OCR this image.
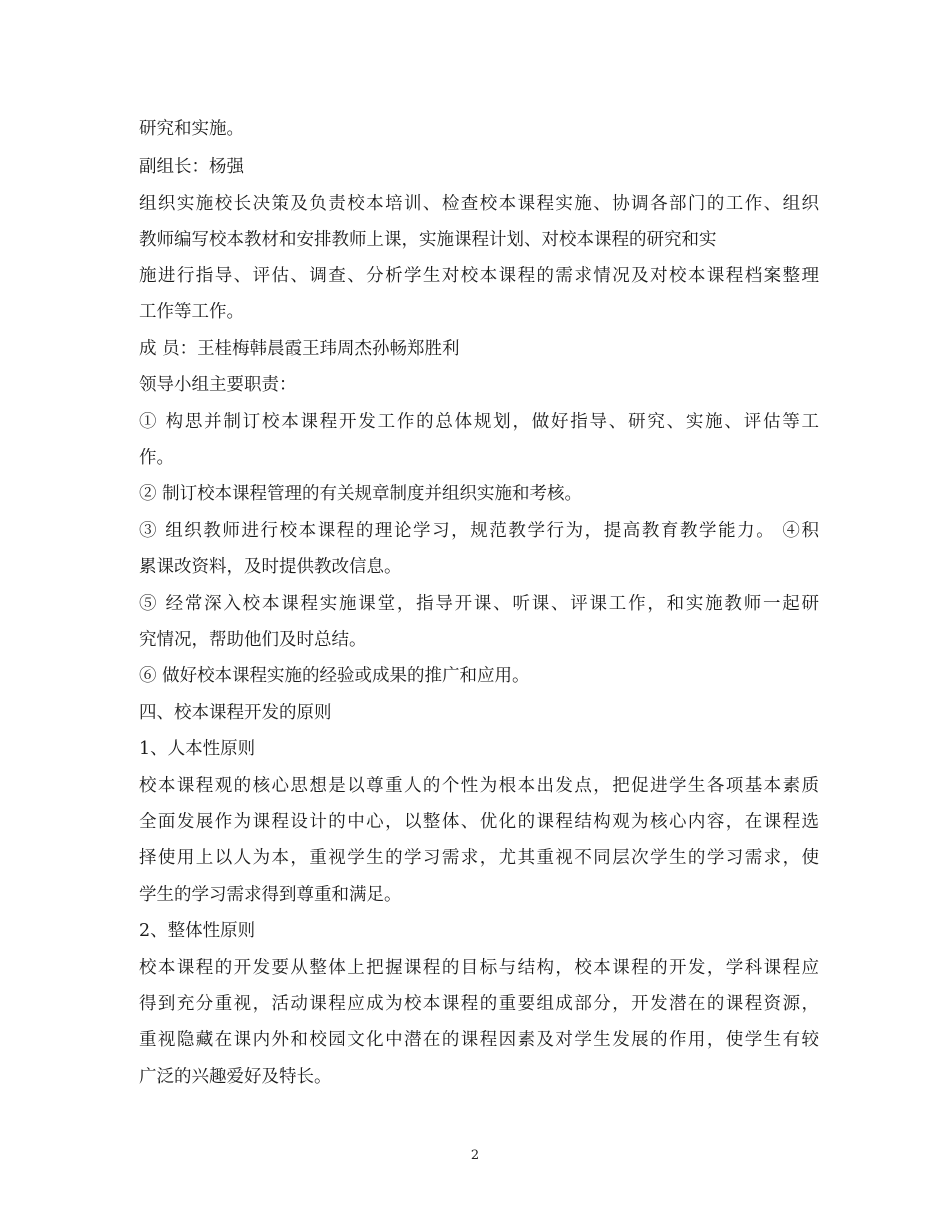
研究和实施。
副组长：杨强
组织实施校长决策及负责校本培训、检查校本课程实施、协调各部门的工作、组织
教师编写校本教材和安排教师上课，实施课程计划、对校本课程的研究和实
施进行指导、评估、调查、分析学生对校本课程的需求情况及对校本课程档案整理
工作等工作。
成 员：王桂梅韩晨霞王玮周杰孙畅郑胜利
领导小组主要职责：
① 构思并制订校本课程开发工作的总体规划，做好指导、研究、实施、评估等工
作。
② 制订校本课程管理的有关规章制度并组织实施和考核。
③ 组织教师进行校本课程的理论学习，规范教学行为，提高教育教学能力。 ④积
累课改资料，及时提供教改信息。
⑤ 经常深入校本课程实施课堂，指导开课、听课、评课工作，和实施教师一起研
究情况，帮助他们及时总结。
⑥ 做好校本课程实施的经验或成果的推广和应用。
四、校本课程开发的原则
1、人本性原则
校本课程观的核心思想是以尊重人的个性为根本出发点，把促进学生各项基本素质
全面发展作为课程设计的中心，以整体、优化的课程结构观为核心内容，在课程选
择使用上以人为本，重视学生的学习需求，尤其重视不同层次学生的学习需求，使
学生的学习需求得到尊重和满足。
2、整体性原则
校本课程的开发要从整体上把握课程的目标与结构，校本课程的开发，学科课程应
得到充分重视，活动课程应成为校本课程的重要组成部分，开发潜在的课程资源，
重视隐藏在课内外和校园文化中潜在的课程因素及对学生发展的作用，使学生有较
广泛的兴趣爱好及特长。
2
